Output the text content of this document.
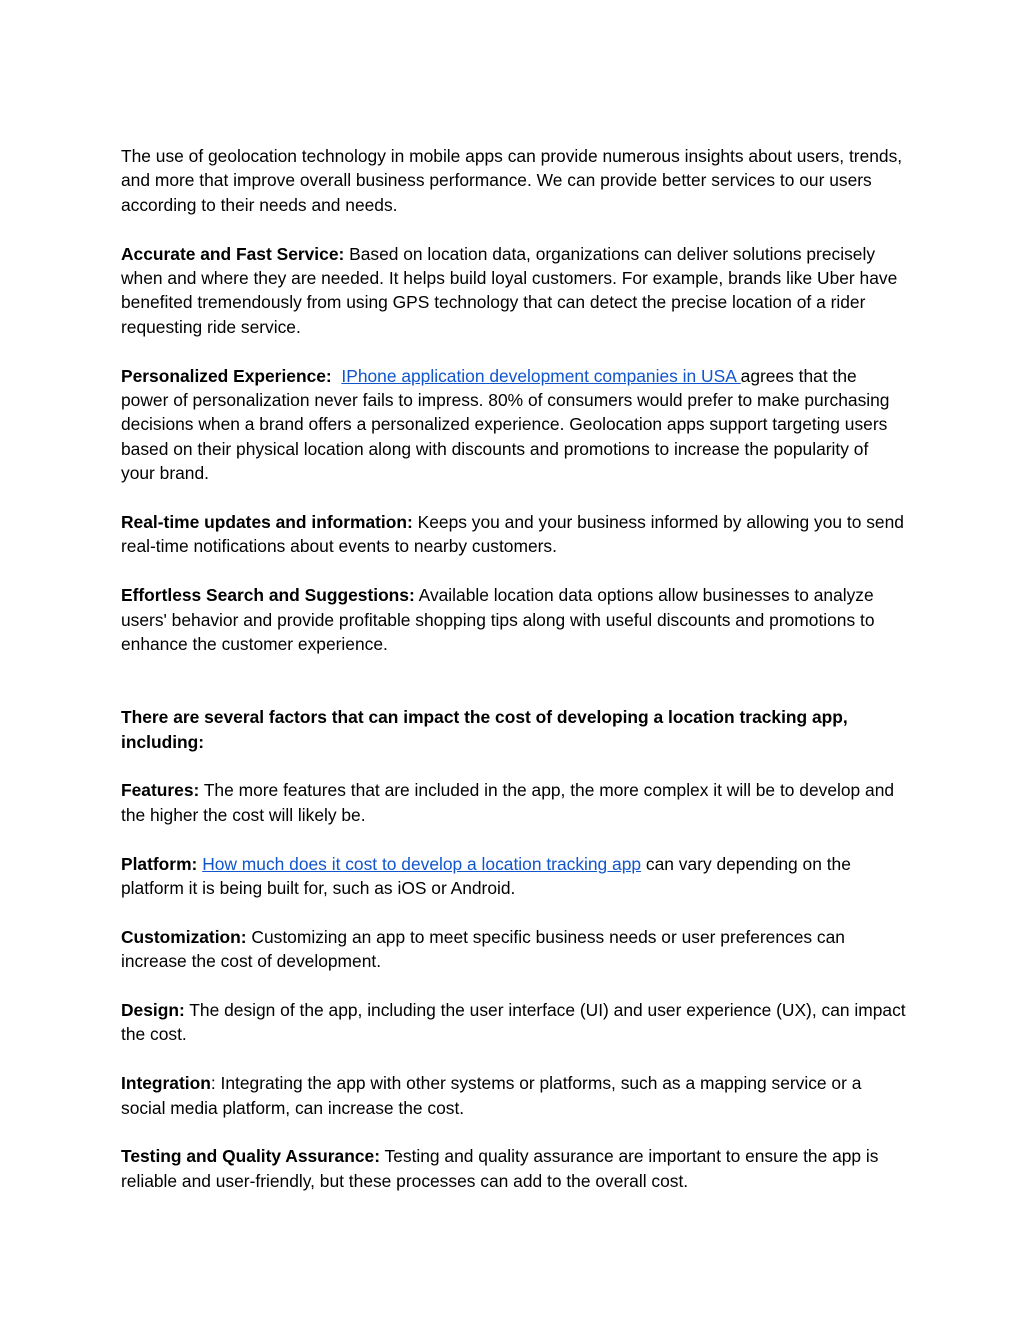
The use of geolocation technology in mobile apps can provide numerous insights about users, trends, and more that improve overall business performance. We can provide better services to our users according to their needs and needs.

Accurate and Fast Service: Based on location data, organizations can deliver solutions precisely when and where they are needed. It helps build loyal customers. For example, brands like Uber have benefited tremendously from using GPS technology that can detect the precise location of a rider requesting ride service.

Personalized Experience: IPhone application development companies in USA agrees that the power of personalization never fails to impress. 80% of consumers would prefer to make purchasing decisions when a brand offers a personalized experience. Geolocation apps support targeting users based on their physical location along with discounts and promotions to increase the popularity of your brand.

Real-time updates and information: Keeps you and your business informed by allowing you to send real-time notifications about events to nearby customers.

Effortless Search and Suggestions: Available location data options allow businesses to analyze users' behavior and provide profitable shopping tips along with useful discounts and promotions to enhance the customer experience.

There are several factors that can impact the cost of developing a location tracking app, including:

Features: The more features that are included in the app, the more complex it will be to develop and the higher the cost will likely be.

Platform: How much does it cost to develop a location tracking app can vary depending on the platform it is being built for, such as iOS or Android.

Customization: Customizing an app to meet specific business needs or user preferences can increase the cost of development.

Design: The design of the app, including the user interface (UI) and user experience (UX), can impact the cost.

Integration: Integrating the app with other systems or platforms, such as a mapping service or a social media platform, can increase the cost.

Testing and Quality Assurance: Testing and quality assurance are important to ensure the app is reliable and user-friendly, but these processes can add to the overall cost.
